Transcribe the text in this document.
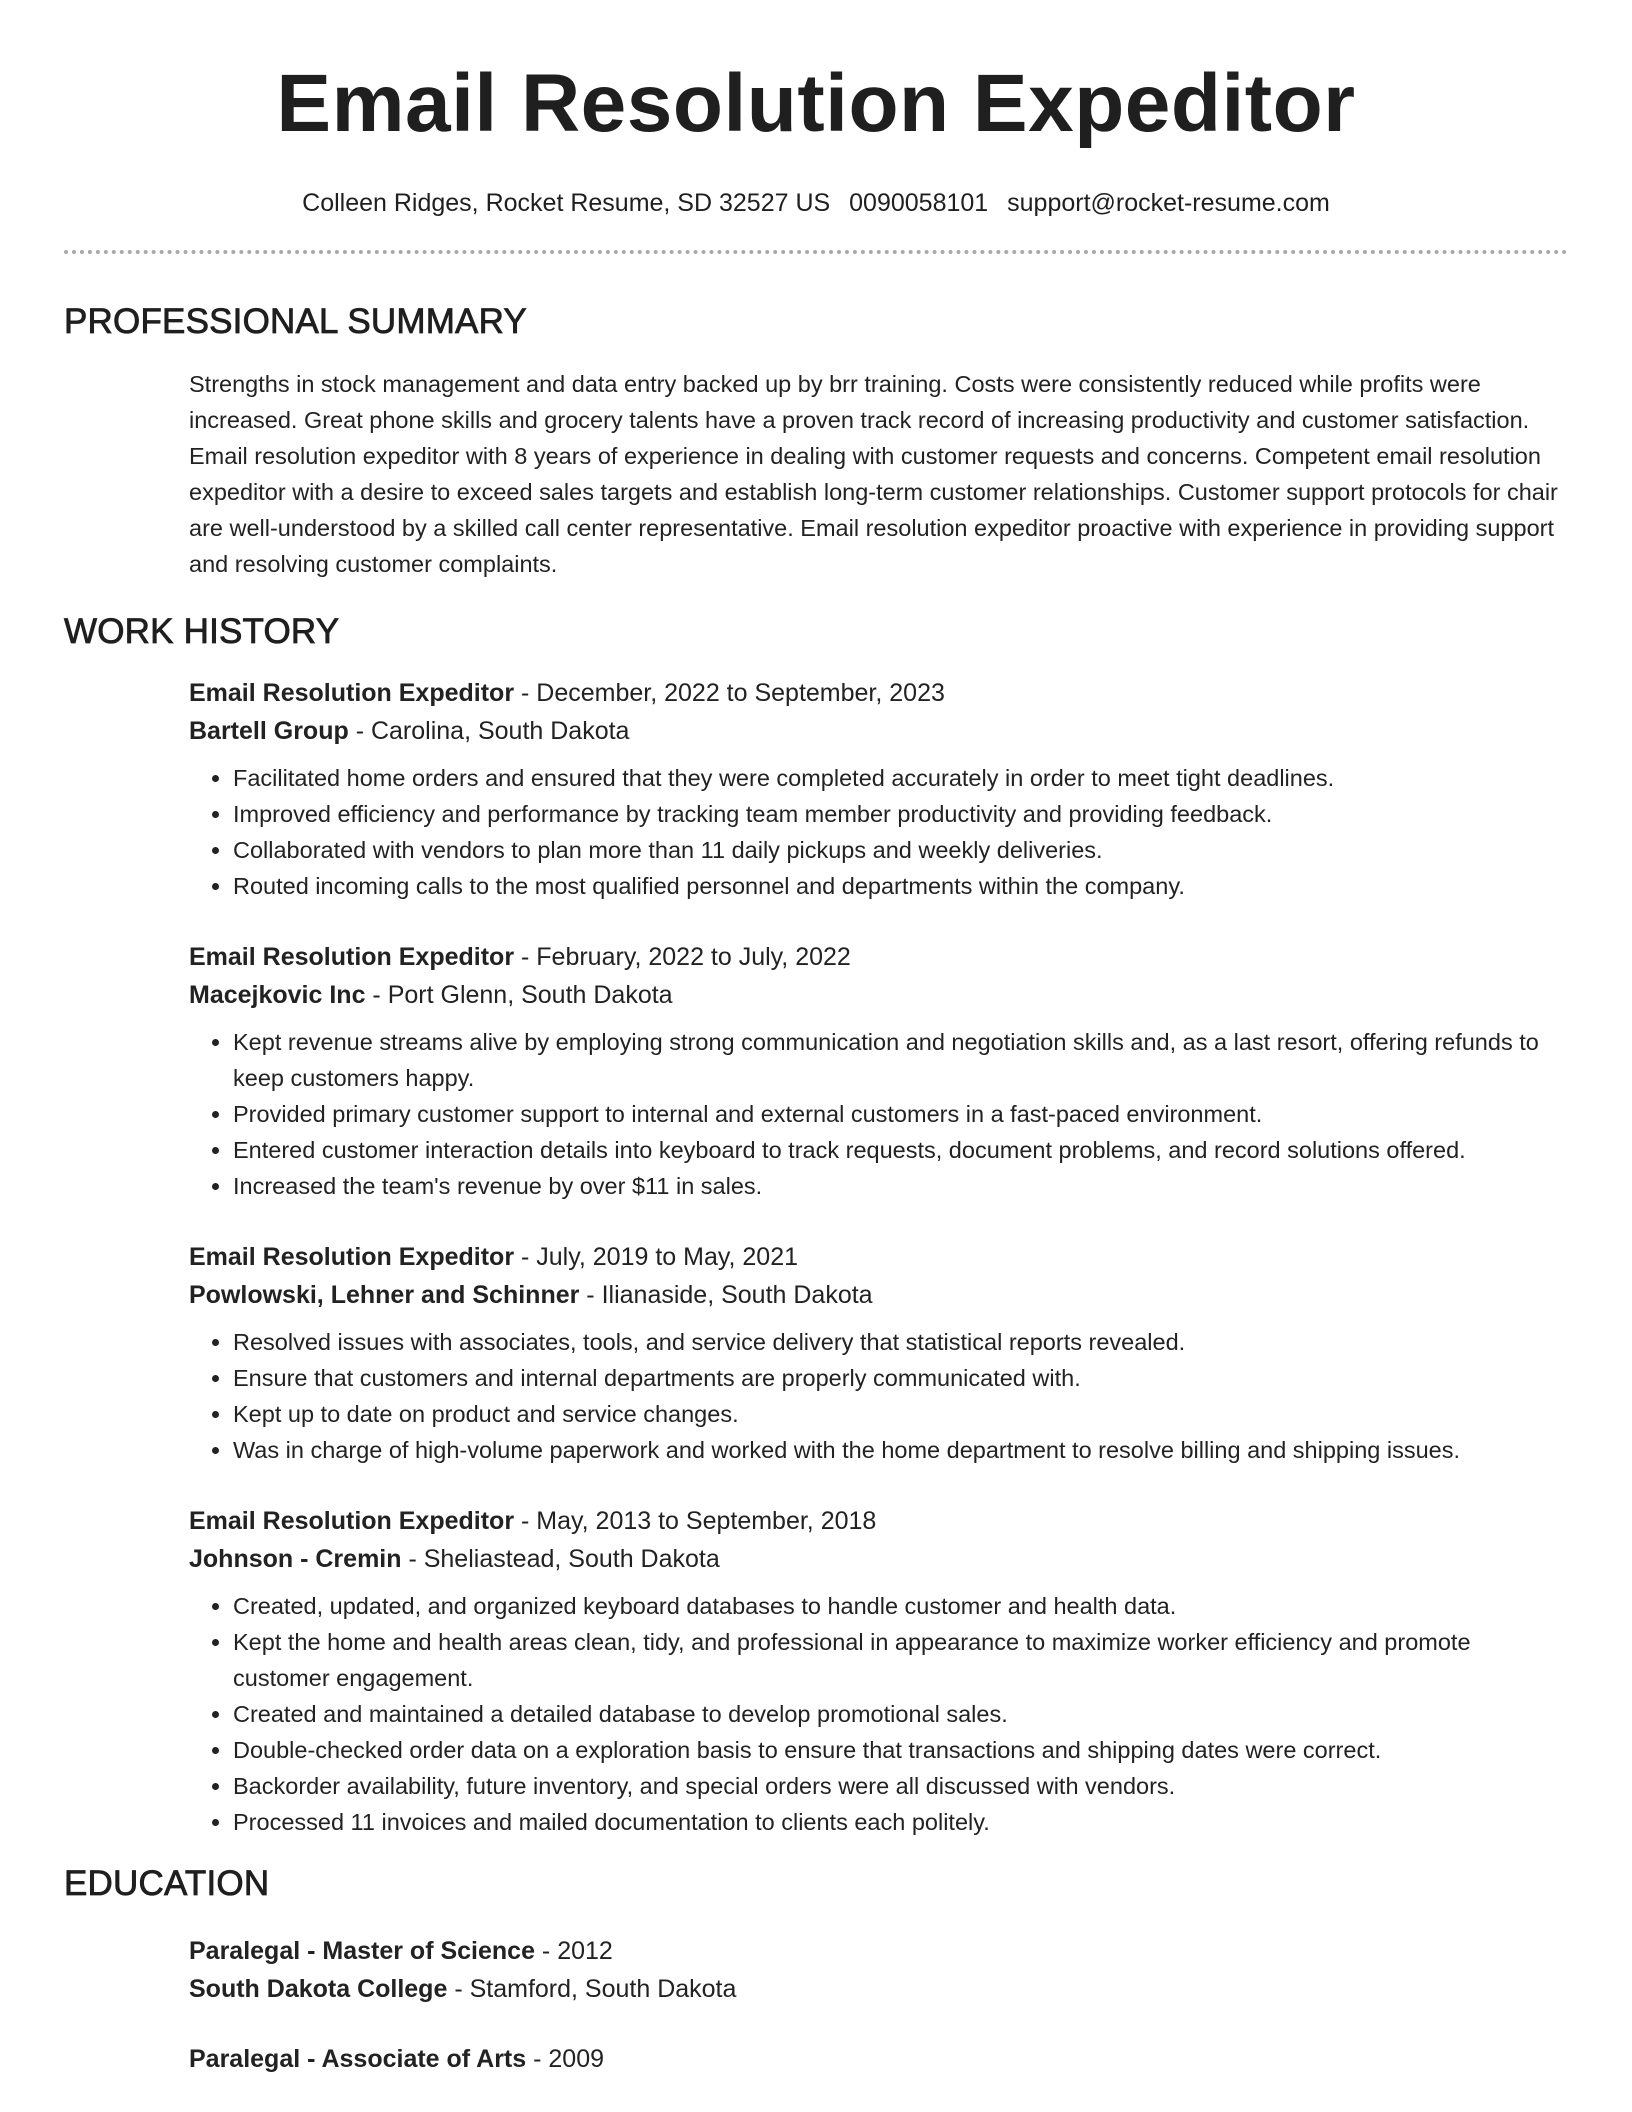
Email Resolution Expeditor
Colleen Ridges, Rocket Resume, SD 32527 US 0090058101 support@rocket-resume.com
PROFESSIONAL SUMMARY
Strengths in stock management and data entry backed up by brr training. Costs were consistently reduced while profits were increased. Great phone skills and grocery talents have a proven track record of increasing productivity and customer satisfaction. Email resolution expeditor with 8 years of experience in dealing with customer requests and concerns. Competent email resolution expeditor with a desire to exceed sales targets and establish long-term customer relationships. Customer support protocols for chair are well-understood by a skilled call center representative. Email resolution expeditor proactive with experience in providing support and resolving customer complaints.
WORK HISTORY
Email Resolution Expeditor - December, 2022 to September, 2023
Bartell Group - Carolina, South Dakota
• Facilitated home orders and ensured that they were completed accurately in order to meet tight deadlines.
• Improved efficiency and performance by tracking team member productivity and providing feedback.
• Collaborated with vendors to plan more than 11 daily pickups and weekly deliveries.
• Routed incoming calls to the most qualified personnel and departments within the company.
Email Resolution Expeditor - February, 2022 to July, 2022
Macejkovic Inc - Port Glenn, South Dakota
• Kept revenue streams alive by employing strong communication and negotiation skills and, as a last resort, offering refunds to keep customers happy.
• Provided primary customer support to internal and external customers in a fast-paced environment.
• Entered customer interaction details into keyboard to track requests, document problems, and record solutions offered.
• Increased the team's revenue by over $11 in sales.
Email Resolution Expeditor - July, 2019 to May, 2021
Powlowski, Lehner and Schinner - Ilianaside, South Dakota
• Resolved issues with associates, tools, and service delivery that statistical reports revealed.
• Ensure that customers and internal departments are properly communicated with.
• Kept up to date on product and service changes.
• Was in charge of high-volume paperwork and worked with the home department to resolve billing and shipping issues.
Email Resolution Expeditor - May, 2013 to September, 2018
Johnson - Cremin - Sheliastead, South Dakota
• Created, updated, and organized keyboard databases to handle customer and health data.
• Kept the home and health areas clean, tidy, and professional in appearance to maximize worker efficiency and promote customer engagement.
• Created and maintained a detailed database to develop promotional sales.
• Double-checked order data on a exploration basis to ensure that transactions and shipping dates were correct.
• Backorder availability, future inventory, and special orders were all discussed with vendors.
• Processed 11 invoices and mailed documentation to clients each politely.
EDUCATION
Paralegal - Master of Science - 2012
South Dakota College - Stamford, South Dakota
Paralegal - Associate of Arts - 2009
